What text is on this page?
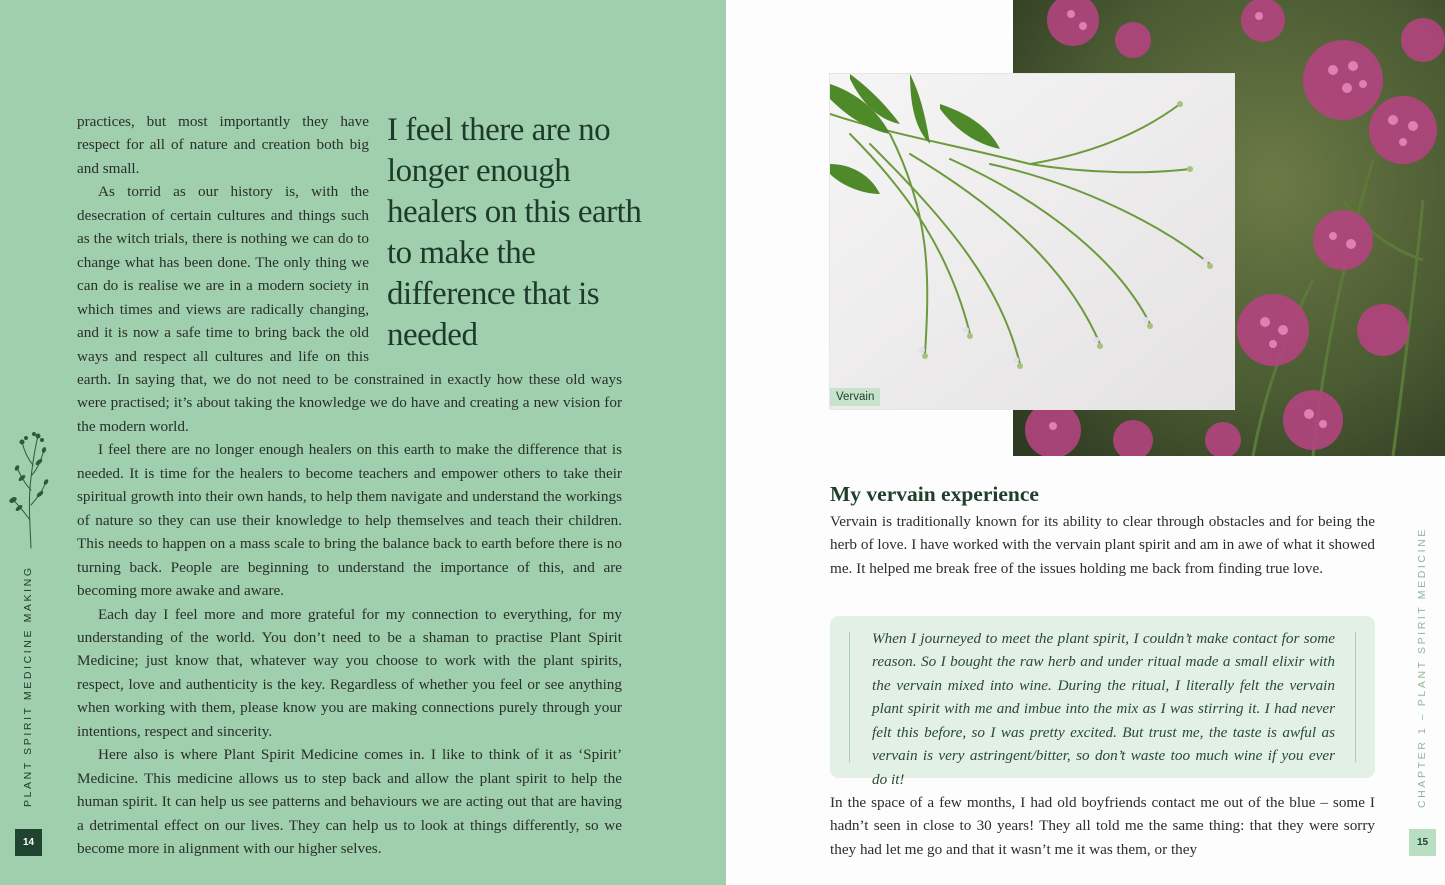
I feel there are no longer enough healers on this earth to make the difference that is needed

practices, but most importantly they have respect for all of nature and creation both big and small.

As torrid as our history is, with the desecration of certain cultures and things such as the witch trials, there is nothing we can do to change what has been done. The only thing we can do is realise we are in a modern society in which times and views are radically changing, and it is now a safe time to bring back the old ways and respect all cultures and life on this earth. In saying that, we do not need to be constrained in exactly how these old ways were practised; it’s about taking the knowledge we do have and creating a new vision for the modern world.

I feel there are no longer enough healers on this earth to make the difference that is needed. It is time for the healers to become teachers and empower others to take their spiritual growth into their own hands, to help them navigate and understand the workings of nature so they can use their knowledge to help themselves and teach their children. This needs to happen on a mass scale to bring the balance back to earth before there is no turning back. People are beginning to understand the importance of this, and are becoming more awake and aware.

Each day I feel more and more grateful for my connection to everything, for my understanding of the world. You don’t need to be a shaman to practise Plant Spirit Medicine; just know that, whatever way you choose to work with the plant spirits, respect, love and authenticity is the key. Regardless of whether you feel or see anything when working with them, please know you are making connections purely through your intentions, respect and sincerity.

Here also is where Plant Spirit Medicine comes in. I like to think of it as ‘Spirit’ Medicine. This medicine allows us to step back and allow the plant spirit to help the human spirit. It can help us see patterns and behaviours we are acting out that are having a detrimental effect on our lives. They can help us to look at things differently, so we become more in alignment with our higher selves.

PLANT SPIRIT MEDICINE MAKING
14
Vervain
My vervain experience
Vervain is traditionally known for its ability to clear through obstacles and for being the herb of love. I have worked with the vervain plant spirit and am in awe of what it showed me. It helped me break free of the issues holding me back from finding true love.
When I journeyed to meet the plant spirit, I couldn’t make contact for some reason. So I bought the raw herb and under ritual made a small elixir with the vervain mixed into wine. During the ritual, I literally felt the vervain plant spirit with me and imbue into the mix as I was stirring it. I had never felt this before, so I was pretty excited. But trust me, the taste is awful as vervain is very astringent/bitter, so don’t waste too much wine if you ever do it!
In the space of a few months, I had old boyfriends contact me out of the blue – some I hadn’t seen in close to 30 years! They all told me the same thing: that they were sorry they had let me go and that it wasn’t me it was them, or they
CHAPTER 1 – PLANT SPIRIT MEDICINE
15
